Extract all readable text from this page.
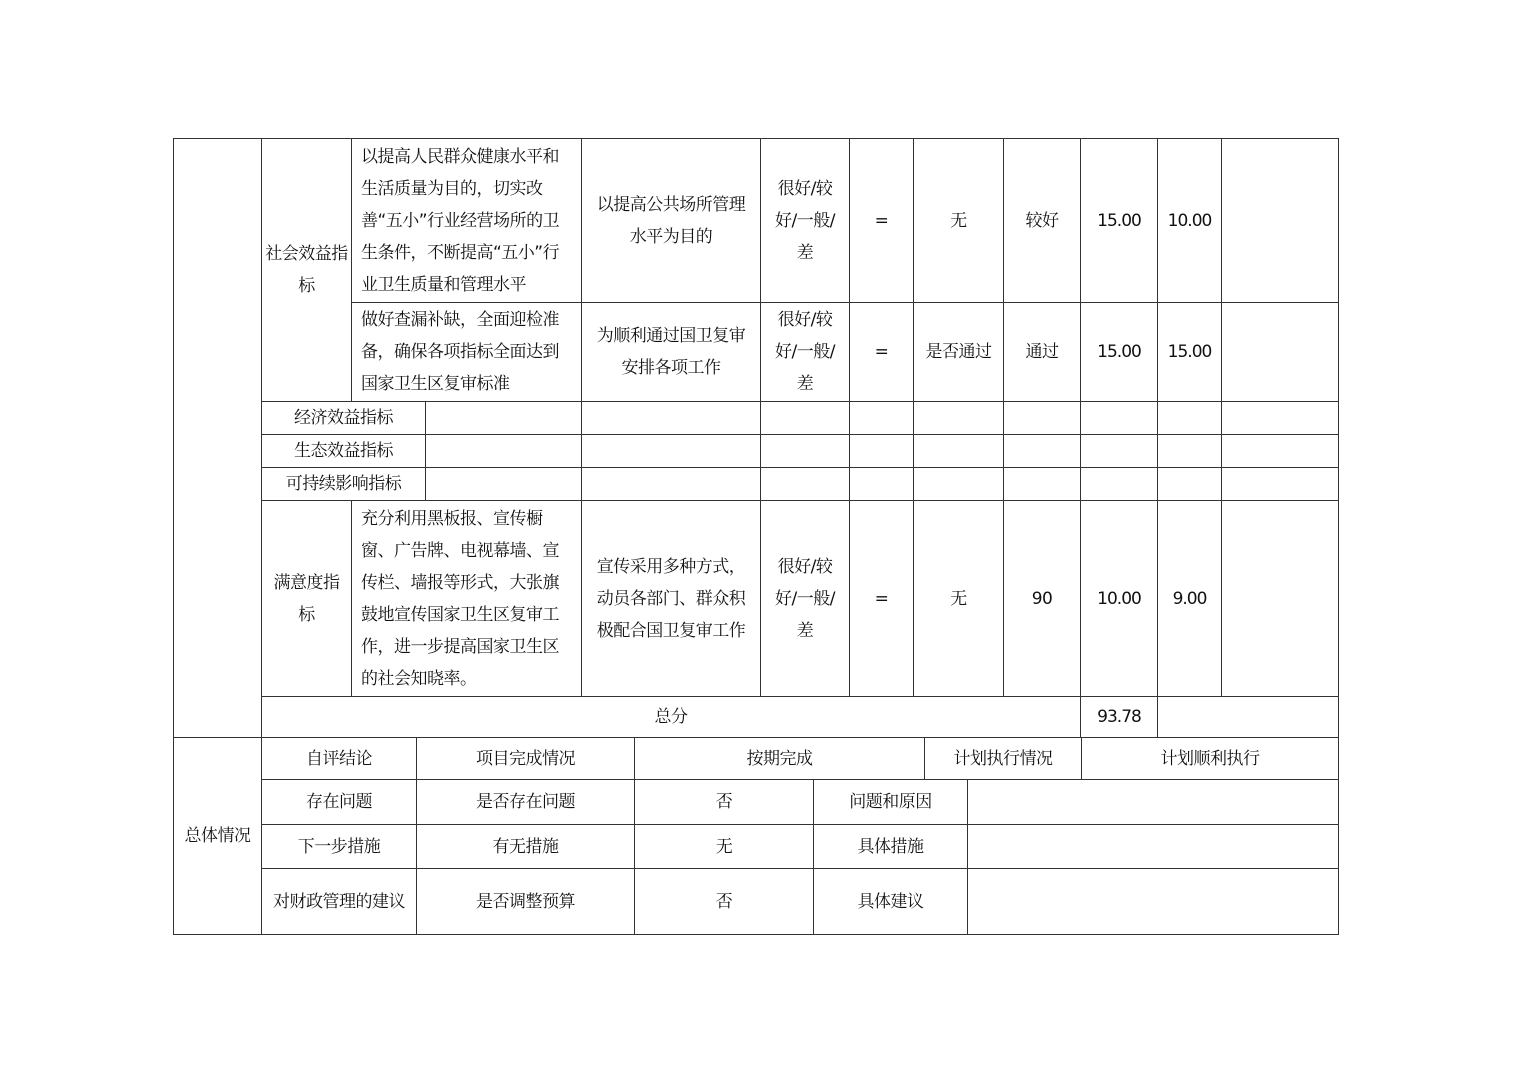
	社会效益指标	以提高人民群众健康水平和生活质量为目的，切实改善“五小”行业经营场所的卫生条件，不断提高“五小”行业卫生质量和管理水平		以提高公共场所管理水平为目的	很好/较好/一般/差	=	无	较好	15.00	10.00	
		做好查漏补缺，全面迎检准备，确保各项指标全面达到国家卫生区复审标准		为顺利通过国卫复审安排各项工作	很好/较好/一般/差	=	是否通过	通过	15.00	15.00	
	经济效益指标										
	生态效益指标										
	可持续影响指标										
	满意度指标	充分利用黑板报、宣传橱窗、广告牌、电视幕墙、宣传栏、墙报等形式，大张旗鼓地宣传国家卫生区复审工作，进一步提高国家卫生区的社会知晓率。		宣传采用多种方式，动员各部门、群众积极配合国卫复审工作	很好/较好/一般/差	=	无	90	10.00	9.00	
	总分								93.78		
总体情况	自评结论	项目完成情况	按期完成		计划执行情况		计划顺利执行
	存在问题	是否存在问题	否	问题和原因			
	下一步措施	有无措施	无	具体措施			
	对财政管理的建议	是否调整预算	否	具体建议			
